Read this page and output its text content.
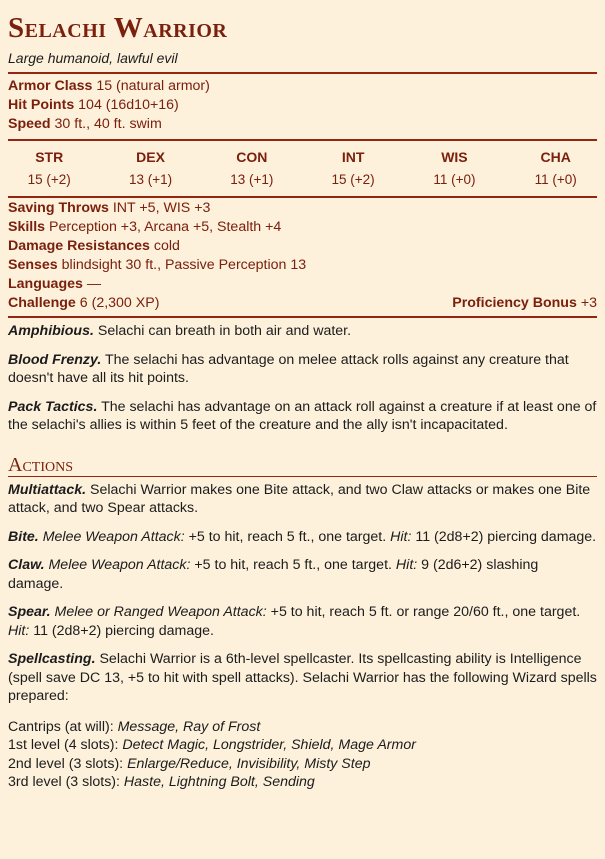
Selachi Warrior
Large humanoid, lawful evil
Armor Class 15 (natural armor)
Hit Points 104 (16d10+16)
Speed 30 ft., 40 ft. swim
STR
15 (+2)
DEX
13 (+1)
CON
13 (+1)
INT
15 (+2)
WIS
11 (+0)
CHA
11 (+0)
Saving Throws INT +5, WIS +3
Skills Perception +3, Arcana +5, Stealth +4
Damage Resistances cold
Senses blindsight 30 ft., Passive Perception 13
Languages —
Challenge 6 (2,300 XP)	Proficiency Bonus +3
Amphibious. Selachi can breath in both air and water.
Blood Frenzy. The selachi has advantage on melee attack rolls against any creature that doesn't have all its hit points.
Pack Tactics. The selachi has advantage on an attack roll against a creature if at least one of the selachi's allies is within 5 feet of the creature and the ally isn't incapacitated.
Actions
Multiattack. Selachi Warrior makes one Bite attack, and two Claw attacks or makes one Bite attack, and two Spear attacks.
Bite. Melee Weapon Attack: +5 to hit, reach 5 ft., one target. Hit: 11 (2d8+2) piercing damage.
Claw. Melee Weapon Attack: +5 to hit, reach 5 ft., one target. Hit: 9 (2d6+2) slashing damage.
Spear. Melee or Ranged Weapon Attack: +5 to hit, reach 5 ft. or range 20/60 ft., one target. Hit: 11 (2d8+2) piercing damage.
Spellcasting. Selachi Warrior is a 6th-level spellcaster. Its spellcasting ability is Intelligence (spell save DC 13, +5 to hit with spell attacks). Selachi Warrior has the following Wizard spells prepared:
Cantrips (at will): Message, Ray of Frost
1st level (4 slots): Detect Magic, Longstrider, Shield, Mage Armor
2nd level (3 slots): Enlarge/Reduce, Invisibility, Misty Step
3rd level (3 slots): Haste, Lightning Bolt, Sending
